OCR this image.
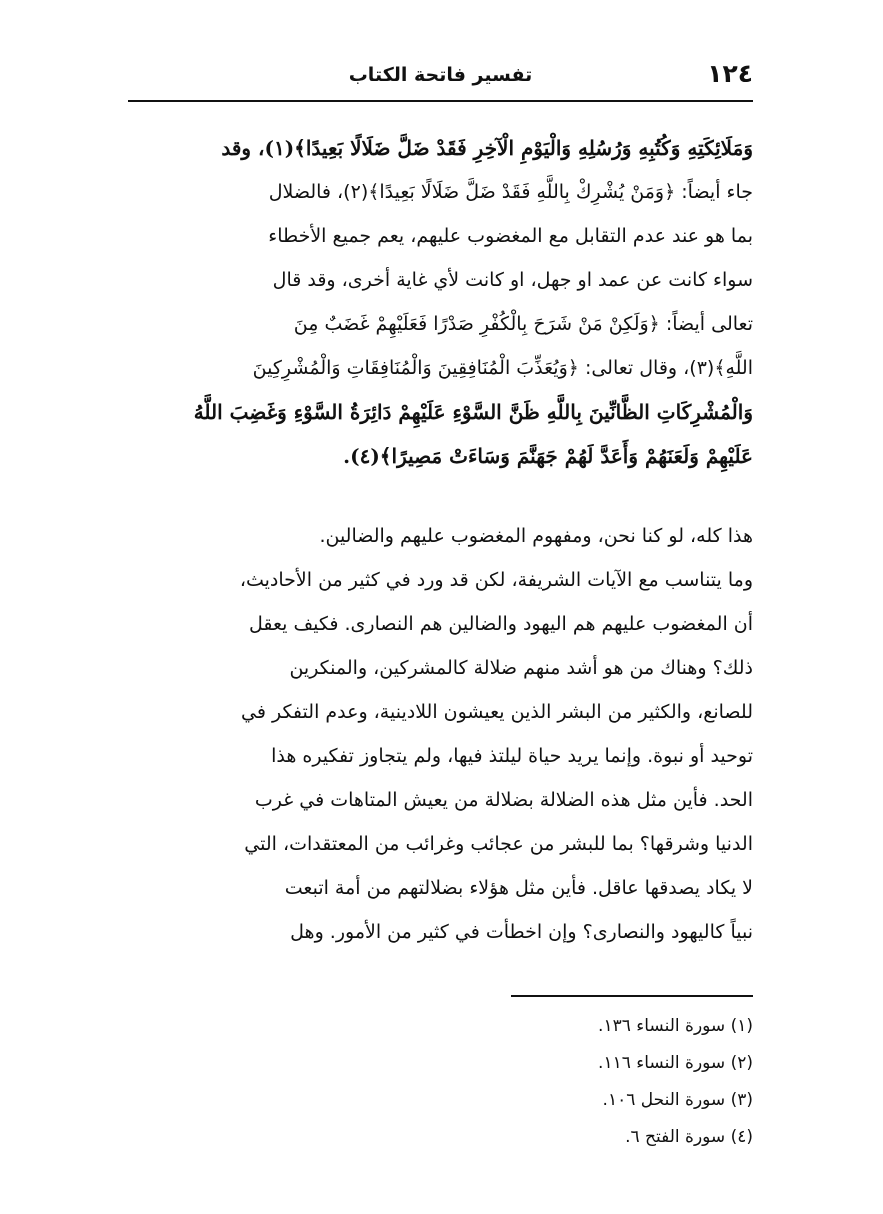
١٢٤
تفسير فاتحة الكتاب
وَمَلَائِكَتِهِ وَكُتُبِهِ وَرُسُلِهِ وَالْيَوْمِ الْآخِرِ فَقَدْ ضَلَّ ضَلَالًا بَعِيدًا﴾(١)، وقد
جاء أيضاً: ﴿وَمَنْ يُشْرِكْ بِاللَّهِ فَقَدْ ضَلَّ ضَلَالًا بَعِيدًا﴾(٢)، فالضلال
بما هو عند عدم التقابل مع المغضوب عليهم، يعم جميع الأخطاء
سواء كانت عن عمد او جهل، او كانت لأي غاية أخرى، وقد قال
تعالى أيضاً: ﴿وَلَكِنْ مَنْ شَرَحَ بِالْكُفْرِ صَدْرًا فَعَلَيْهِمْ غَضَبٌ مِنَ
اللَّهِ﴾(٣)، وقال تعالى: ﴿وَيُعَذِّبَ الْمُنَافِقِينَ وَالْمُنَافِقَاتِ وَالْمُشْرِكِينَ
وَالْمُشْرِكَاتِ الظَّانِّينَ بِاللَّهِ ظَنَّ السَّوْءِ عَلَيْهِمْ دَائِرَةُ السَّوْءِ وَغَضِبَ اللَّهُ
عَلَيْهِمْ وَلَعَنَهُمْ وَأَعَدَّ لَهُمْ جَهَنَّمَ وَسَاءَتْ مَصِيرًا﴾(٤).
هذا كله، لو كنا نحن، ومفهوم المغضوب عليهم والضالين.
وما يتناسب مع الآيات الشريفة، لكن قد ورد في كثير من الأحاديث،
أن المغضوب عليهم هم اليهود والضالين هم النصارى. فكيف يعقل
ذلك؟ وهناك من هو أشد منهم ضلالة كالمشركين، والمنكرين
للصانع، والكثير من البشر الذين يعيشون اللادينية، وعدم التفكر في
توحيد أو نبوة. وإنما يريد حياة ليلتذ فيها، ولم يتجاوز تفكيره هذا
الحد. فأين مثل هذه الضلالة بضلالة من يعيش المتاهات في غرب
الدنيا وشرقها؟ بما للبشر من عجائب وغرائب من المعتقدات، التي
لا يكاد يصدقها عاقل. فأين مثل هؤلاء بضلالتهم من أمة اتبعت
نبياً كاليهود والنصارى؟ وإن اخطأت في كثير من الأمور. وهل
(١) سورة النساء ١٣٦.
(٢) سورة النساء ١١٦.
(٣) سورة النحل ١٠٦.
(٤) سورة الفتح ٦.
